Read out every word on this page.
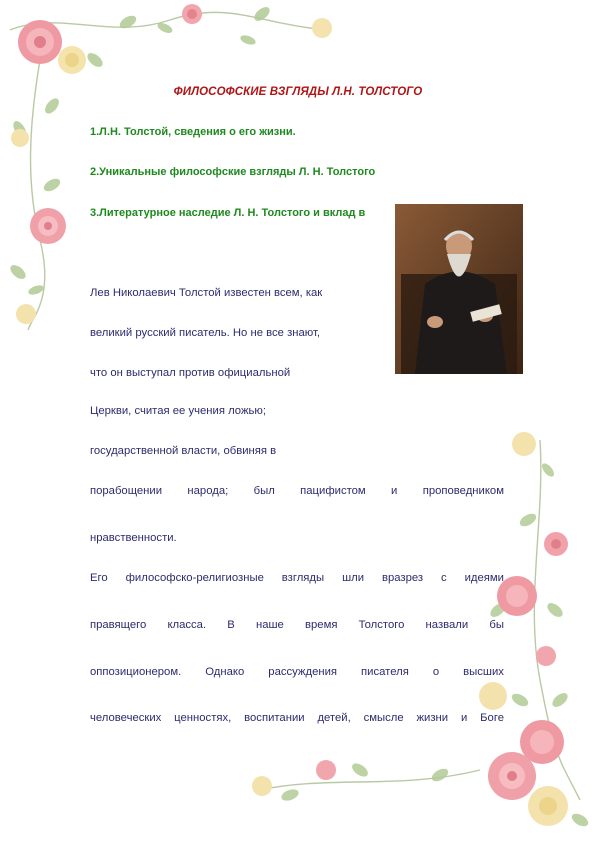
ФИЛОСОФСКИЕ ВЗГЛЯДЫ Л.Н. ТОЛСТОГО
1.Л.Н. Толстой, сведения о его жизни.
2.Уникальные философские взгляды Л. Н. Толстого
3.Литературное наследие Л. Н. Толстого и вклад в
Лев Николаевич Толстой известен всем, как
великий русский писатель. Но не все знают,
что он выступал против официальной
Церкви, считая ее учения ложью;
государственной власти, обвиняя в
порабощении народа; был пацифистом и проповедником
нравственности.
Его философско-религиозные взгляды шли вразрез с идеями
правящего класса. В наше время Толстого назвали бы
оппозиционером. Однако рассуждения писателя о высших
человеческих ценностях, воспитании детей, смысле жизни и Боге
